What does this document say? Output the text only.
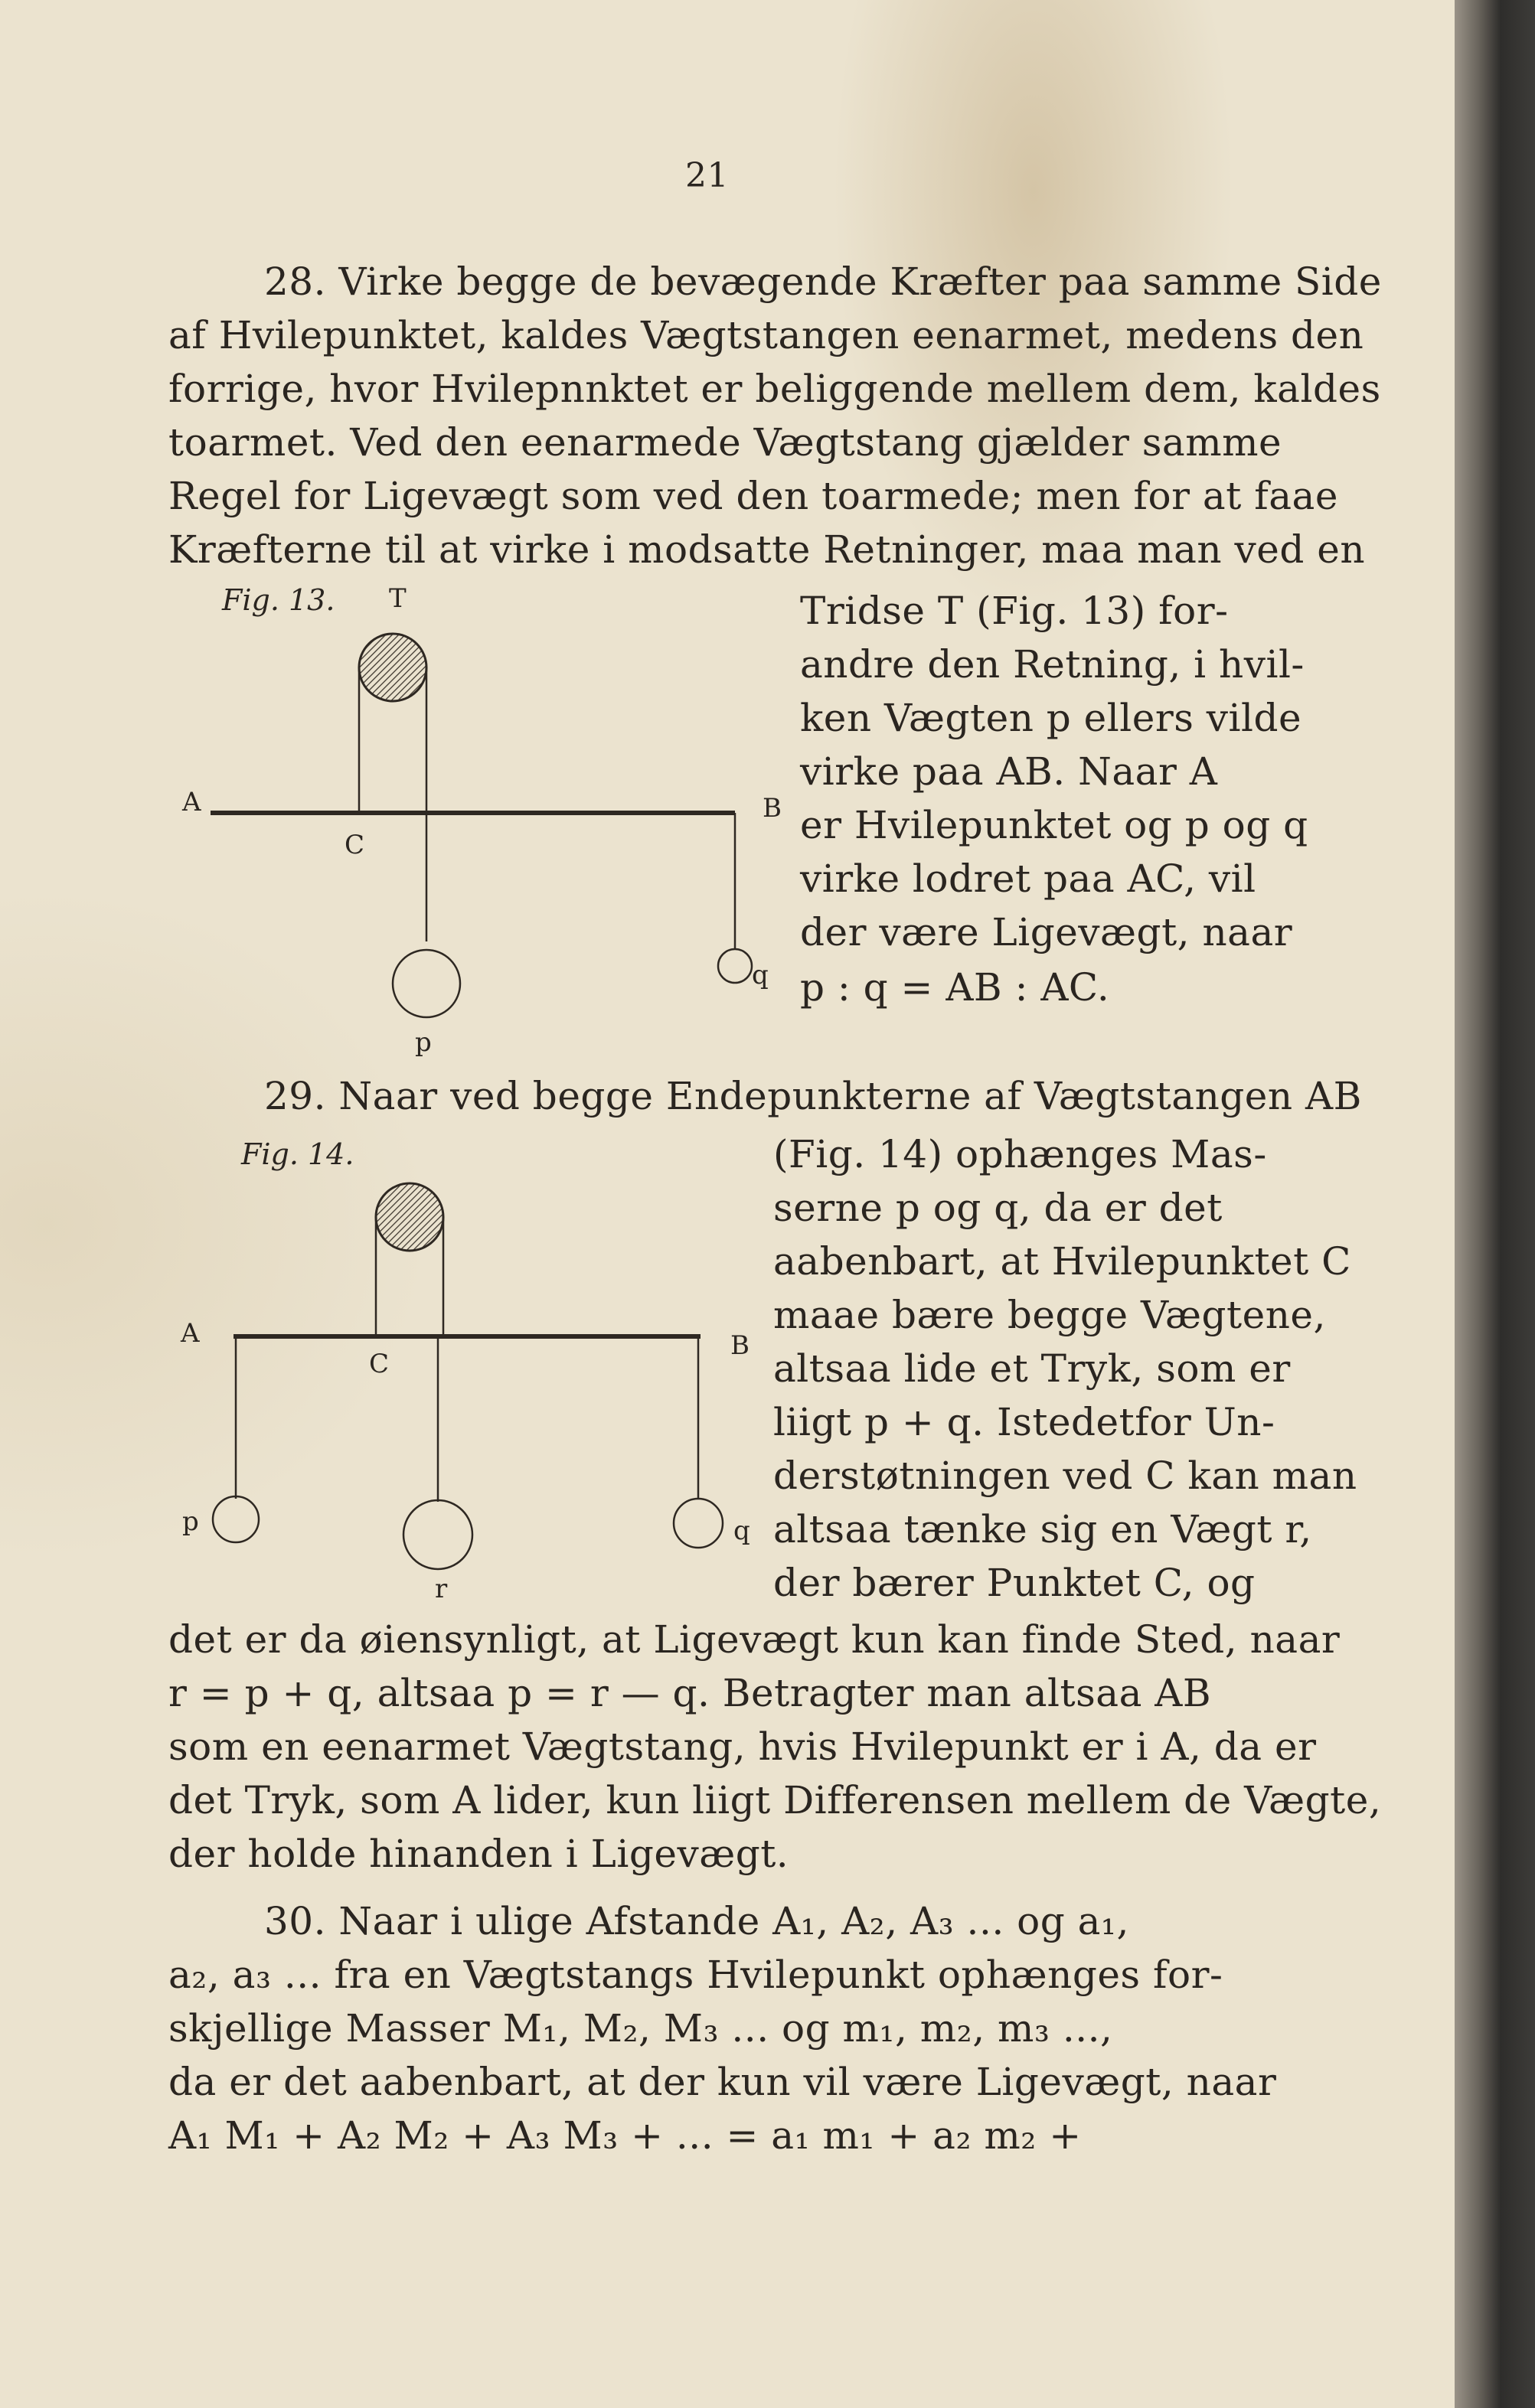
21
28. Virke begge de bevægende Kræfter paa samme Side
af Hvilepunktet, kaldes Vægtstangen eenarmet, medens den
forrige, hvor Hvilepnnktet er beliggende mellem dem, kaldes
toarmet. Ved den eenarmede Vægtstang gjælder samme
Regel for Ligevægt som ved den toarmede; men for at faae
Kræfterne til at virke i modsatte Retninger, maa man ved en
Fig. 13.	Tridse T (Fig. 13) for-
andre den Retning, i hvil-
ken Vægten p ellers vilde
virke paa AB. Naar A
er Hvilepunktet og p og q
virke lodret paa AC, vil
der være Ligevægt, naar
p : q = AB : AC.
T
A	B
C
q
p
29. Naar ved begge Endepunkterne af Vægtstangen AB
Fig. 14.	(Fig. 14) ophænges Mas-
serne p og q, da er det
aabenbart, at Hvilepunktet C
maae bære begge Vægtene,
altsaa lide et Tryk, som er
liigt p + q. Istedetfor Un-
derstøtningen ved C kan man
altsaa tænke sig en Vægt r,
der bærer Punktet C, og
A	B
C
p	q
r
det er da øiensynligt, at Ligevægt kun kan finde Sted, naar
r = p + q, altsaa p = r — q. Betragter man altsaa AB
som en eenarmet Vægtstang, hvis Hvilepunkt er i A, da er
det Tryk, som A lider, kun liigt Differensen mellem de Vægte,
der holde hinanden i Ligevægt.
30. Naar i ulige Afstande A₁, A₂, A₃ ... og a₁,
a₂, a₃ ... fra en Vægtstangs Hvilepunkt ophænges for-
skjellige Masser M₁, M₂, M₃ ... og m₁, m₂, m₃ ...,
da er det aabenbart, at der kun vil være Ligevægt, naar
A₁ M₁ + A₂ M₂ + A₃ M₃ + ... = a₁ m₁ + a₂ m₂ +
